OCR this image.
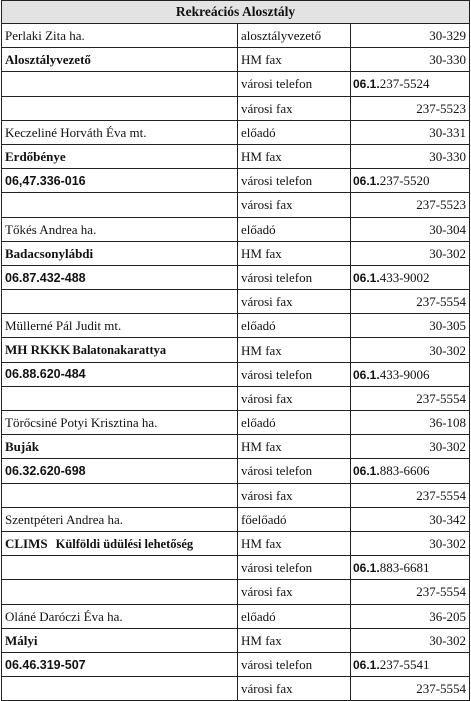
Rekreációs Alosztály		
Perlaki Zita ha.	alosztályvezető	30-329
Alosztályvezető	HM fax	30-330
	városi telefon	06.1.237-5524
	városi fax	237-5523
Keczeliné Horváth Éva mt.	előadó	30-331
Erdőbénye	HM fax	30-330
06,47.336-016	városi telefon	06.1.237-5520
	városi fax	237-5523
Tőkés Andrea ha.	előadó	30-304
Badacsonylábdi	HM fax	30-302
06.87.432-488	városi telefon	06.1.433-9002
	városi fax	237-5554
Müllerné Pál Judit mt.	előadó	30-305
MH RKKK Balatonakarattya	HM fax	30-302
06.88.620-484	városi telefon	06.1.433-9006
	városi fax	237-5554
Törőcsiné Potyi Krisztina ha.	előadó	36-108
Buják	HM fax	30-302
06.32.620-698	városi telefon	06.1.883-6606
	városi fax	237-5554
Szentpéteri Andrea ha.	főelőadó	30-342
CLIMS Külföldi üdülési lehetőség	HM fax	30-302
	városi telefon	06.1.883-6681
	városi fax	237-5554
Oláné Daróczi Éva ha.	előadó	36-205
Mályi	HM fax	30-302
06.46.319-507	városi telefon	06.1.237-5541
	városi fax	237-5554
